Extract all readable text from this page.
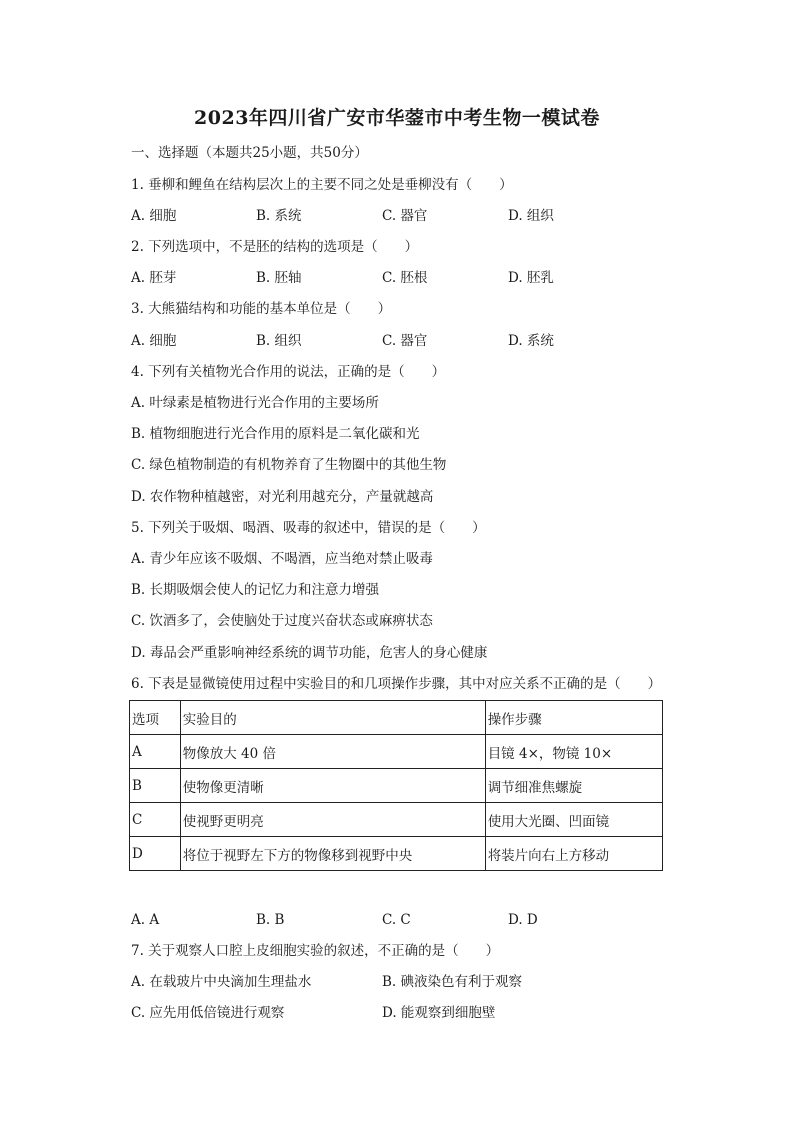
2023年四川省广安市华蓥市中考生物一模试卷
一、选择题（本题共25小题，共50分）
1. 垂柳和鲤鱼在结构层次上的主要不同之处是垂柳没有（　　）
A. 细胞	B. 系统	C. 器官	D. 组织
2. 下列选项中，不是胚的结构的选项是（　　）
A. 胚芽	B. 胚轴	C. 胚根	D. 胚乳
3. 大熊猫结构和功能的基本单位是（　　）
A. 细胞	B. 组织	C. 器官	D. 系统
4. 下列有关植物光合作用的说法，正确的是（　　）
A. 叶绿素是植物进行光合作用的主要场所
B. 植物细胞进行光合作用的原料是二氧化碳和光
C. 绿色植物制造的有机物养育了生物圈中的其他生物
D. 农作物种植越密，对光利用越充分，产量就越高
5. 下列关于吸烟、喝酒、吸毒的叙述中，错误的是（　　）
A. 青少年应该不吸烟、不喝酒，应当绝对禁止吸毒
B. 长期吸烟会使人的记忆力和注意力增强
C. 饮酒多了，会使脑处于过度兴奋状态或麻痹状态
D. 毒品会严重影响神经系统的调节功能，危害人的身心健康
6. 下表是显微镜使用过程中实验目的和几项操作步骤，其中对应关系不正确的是（　　）
选项	实验目的	操作步骤
A	物像放大 40 倍	目镜 4×，物镜 10×
B	使物像更清晰	调节细准焦螺旋
C	使视野更明亮	使用大光圈、凹面镜
D	将位于视野左下方的物像移到视野中央	将装片向右上方移动
A. A	B. B	C. C	D. D
7. 关于观察人口腔上皮细胞实验的叙述，不正确的是（　　）
A. 在载玻片中央滴加生理盐水	B. 碘液染色有利于观察
C. 应先用低倍镜进行观察	D. 能观察到细胞壁
